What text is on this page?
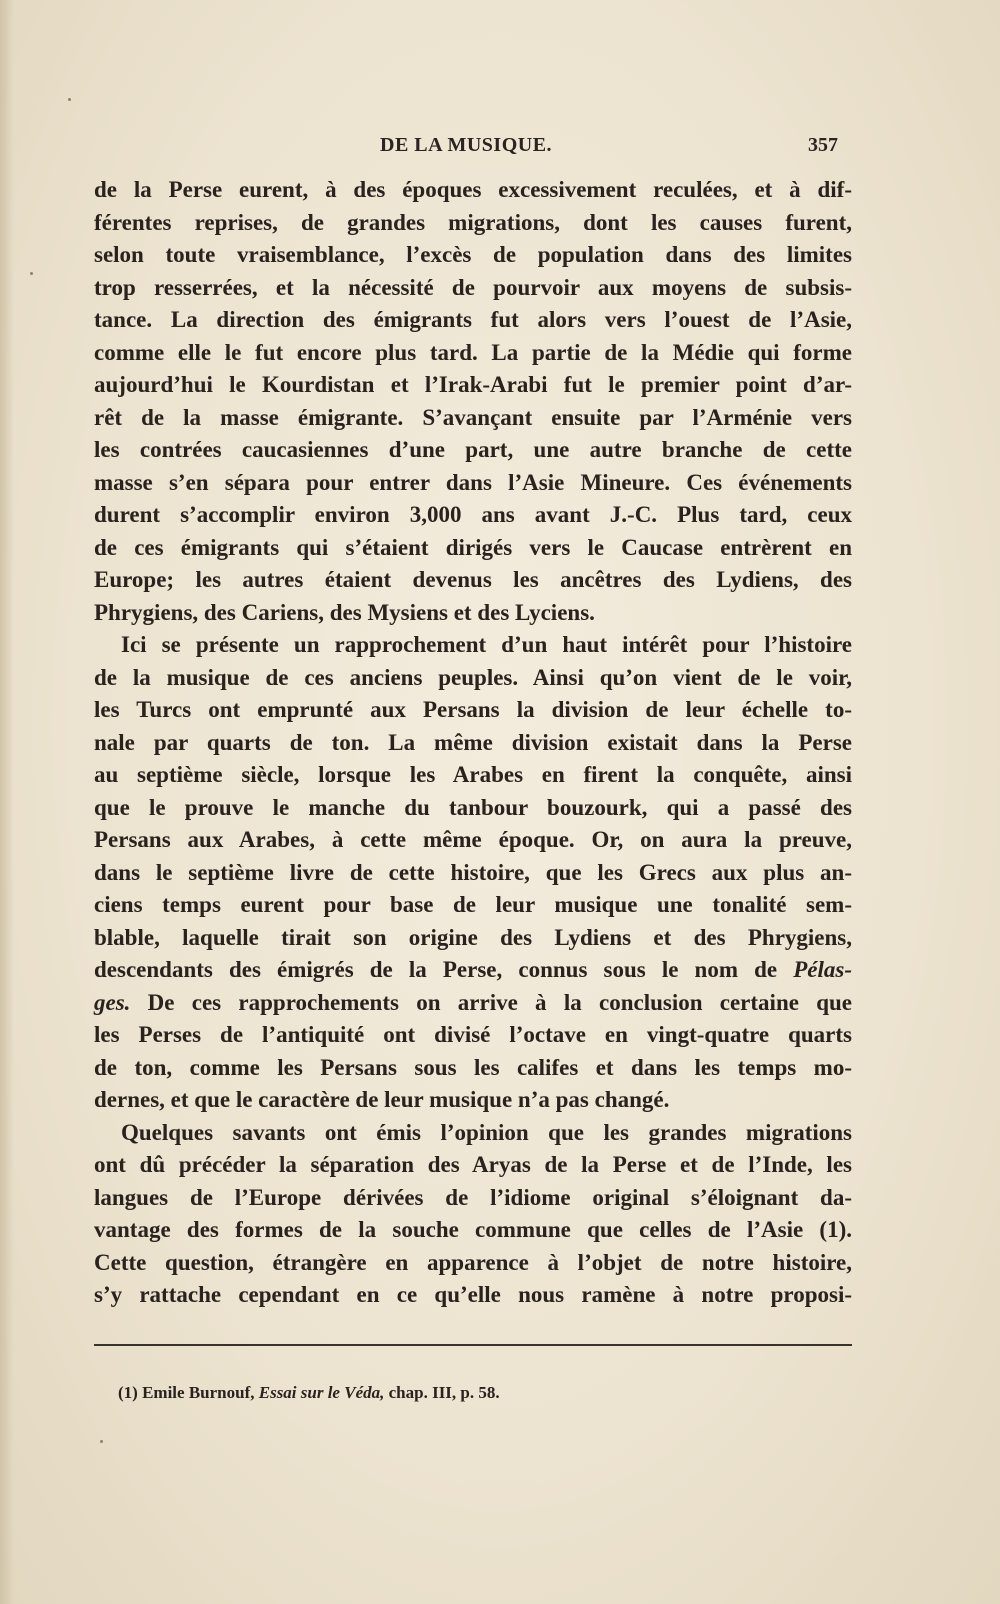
DE LA MUSIQUE.	357
de la Perse eurent, à des époques excessivement reculées, et à dif-
férentes reprises, de grandes migrations, dont les causes furent,
selon toute vraisemblance, l’excès de population dans des limites
trop resserrées, et la nécessité de pourvoir aux moyens de subsis-
tance. La direction des émigrants fut alors vers l’ouest de l’Asie,
comme elle le fut encore plus tard. La partie de la Médie qui forme
aujourd’hui le Kourdistan et l’Irak-Arabi fut le premier point d’ar-
rêt de la masse émigrante. S’avançant ensuite par l’Arménie vers
les contrées caucasiennes d’une part, une autre branche de cette
masse s’en sépara pour entrer dans l’Asie Mineure. Ces événements
durent s’accomplir environ 3,000 ans avant J.-C. Plus tard, ceux
de ces émigrants qui s’étaient dirigés vers le Caucase entrèrent en
Europe; les autres étaient devenus les ancêtres des Lydiens, des
Phrygiens, des Cariens, des Mysiens et des Lyciens.
Ici se présente un rapprochement d’un haut intérêt pour l’histoire
de la musique de ces anciens peuples. Ainsi qu’on vient de le voir,
les Turcs ont emprunté aux Persans la division de leur échelle to-
nale par quarts de ton. La même division existait dans la Perse
au septième siècle, lorsque les Arabes en firent la conquête, ainsi
que le prouve le manche du tanbour bouzourk, qui a passé des
Persans aux Arabes, à cette même époque. Or, on aura la preuve,
dans le septième livre de cette histoire, que les Grecs aux plus an-
ciens temps eurent pour base de leur musique une tonalité sem-
blable, laquelle tirait son origine des Lydiens et des Phrygiens,
descendants des émigrés de la Perse, connus sous le nom de Pélas-
ges. De ces rapprochements on arrive à la conclusion certaine que
les Perses de l’antiquité ont divisé l’octave en vingt-quatre quarts
de ton, comme les Persans sous les califes et dans les temps mo-
dernes, et que le caractère de leur musique n’a pas changé.
Quelques savants ont émis l’opinion que les grandes migrations
ont dû précéder la séparation des Aryas de la Perse et de l’Inde, les
langues de l’Europe dérivées de l’idiome original s’éloignant da-
vantage des formes de la souche commune que celles de l’Asie (1).
Cette question, étrangère en apparence à l’objet de notre histoire,
s’y rattache cependant en ce qu’elle nous ramène à notre proposi-
(1) Emile Burnouf, Essai sur le Véda, chap. III, p. 58.
